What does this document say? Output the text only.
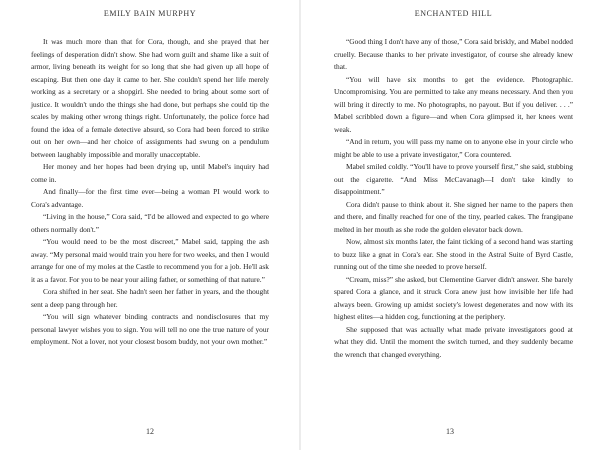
EMILY BAIN MURPHY

It was much more than that for Cora, though, and she prayed that her feelings of desperation didn't show. She had worn guilt and shame like a suit of armor, living beneath its weight for so long that she had given up all hope of escaping. But then one day it came to her. She couldn't spend her life merely working as a secretary or a shopgirl. She needed to bring about some sort of justice. It wouldn't undo the things she had done, but perhaps she could tip the scales by making other wrong things right. Unfortunately, the police force had found the idea of a female detective absurd, so Cora had been forced to strike out on her own—and her choice of assignments had swung on a pendulum between laughably impossible and morally unacceptable.

Her money and her hopes had been drying up, until Mabel's inquiry had come in.

And finally—for the first time ever—being a woman PI would work to Cora's advantage.

“Living in the house,” Cora said, “I'd be allowed and expected to go where others normally don't.”

“You would need to be the most discreet,” Mabel said, tapping the ash away. “My personal maid would train you here for two weeks, and then I would arrange for one of my moles at the Castle to recommend you for a job. He'll ask it as a favor. For you to be near your ailing father, or something of that nature.”

Cora shifted in her seat. She hadn't seen her father in years, and the thought sent a deep pang through her.

“You will sign whatever binding contracts and nondisclosures that my personal lawyer wishes you to sign. You will tell no one the true nature of your employment. Not a lover, not your closest bosom buddy, not your own mother.”

12
ENCHANTED HILL

“Good thing I don't have any of those,” Cora said briskly, and Mabel nodded cruelly. Because thanks to her private investigator, of course she already knew that.

“You will have six months to get the evidence. Photographic. Uncompromising. You are permitted to take any means necessary. And then you will bring it directly to me. No photographs, no payout. But if you deliver. . . .” Mabel scribbled down a figure—and when Cora glimpsed it, her knees went weak.

“And in return, you will pass my name on to anyone else in your circle who might be able to use a private investigator,” Cora countered.

Mabel smiled coldly. “You'll have to prove yourself first,” she said, stubbing out the cigarette. “And Miss McCavanagh—I don't take kindly to disappointment.”

Cora didn't pause to think about it. She signed her name to the papers then and there, and finally reached for one of the tiny, pearled cakes. The frangipane melted in her mouth as she rode the golden elevator back down.

Now, almost six months later, the faint ticking of a second hand was starting to buzz like a gnat in Cora's ear. She stood in the Astral Suite of Byrd Castle, running out of the time she needed to prove herself.

“Cream, miss?” she asked, but Clementine Garver didn't answer. She barely spared Cora a glance, and it struck Cora anew just how invisible her life had always been. Growing up amidst society's lowest degenerates and now with its highest elites—a hidden cog, functioning at the periphery.

She supposed that was actually what made private investigators good at what they did. Until the moment the switch turned, and they suddenly became the wrench that changed everything.

13
